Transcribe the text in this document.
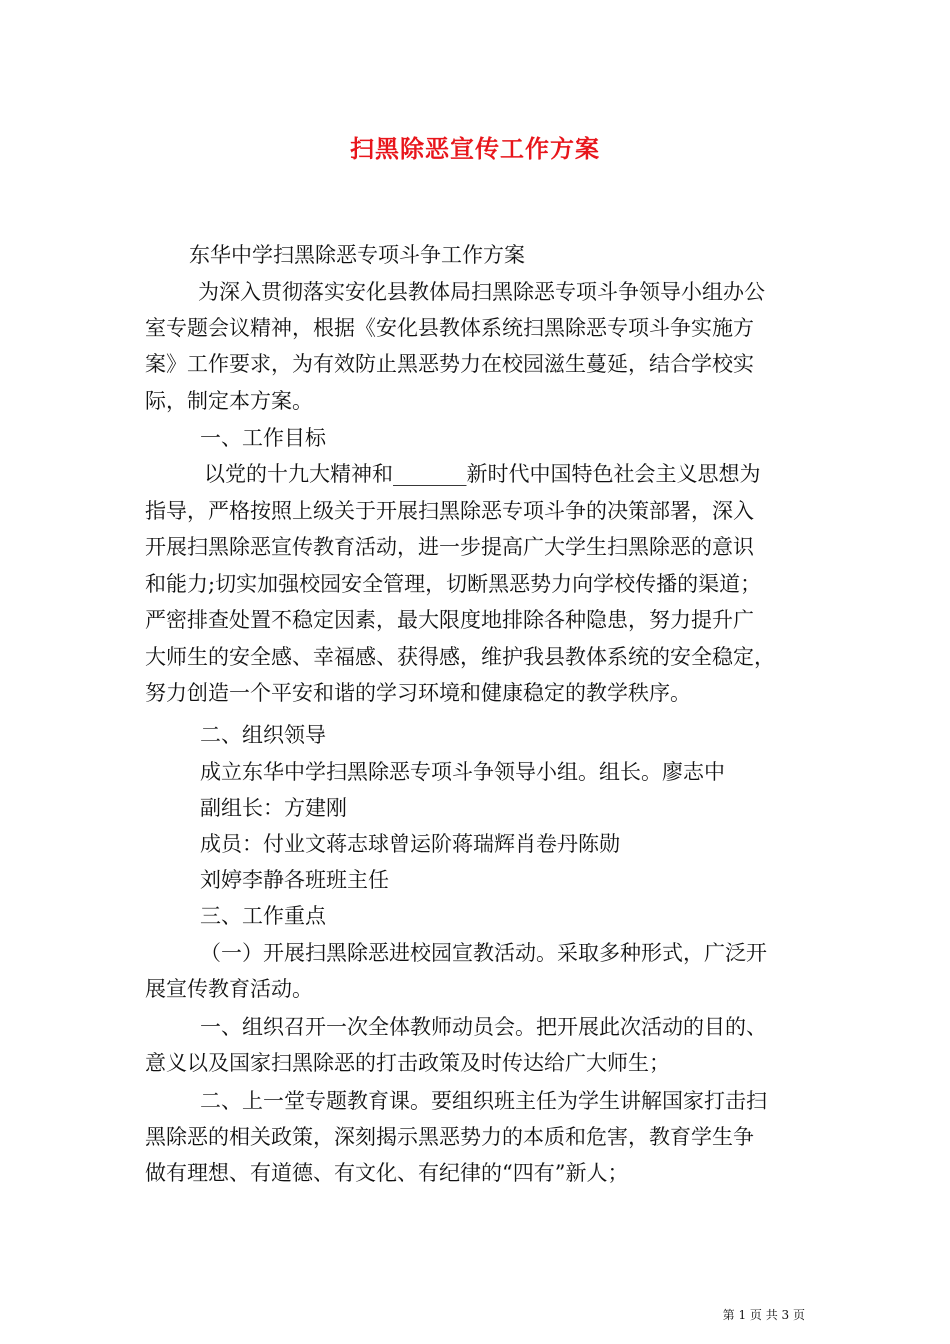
扫黑除恶宣传工作方案
东华中学扫黑除恶专项斗争工作方案
为深入贯彻落实安化县教体局扫黑除恶专项斗争领导小组办公
室专题会议精神，根据《安化县教体系统扫黑除恶专项斗争实施方
案》工作要求，为有效防止黑恶势力在校园滋生蔓延，结合学校实
际，制定本方案。
一、工作目标
以党的十九大精神和_______新时代中国特色社会主义思想为
指导，严格按照上级关于开展扫黑除恶专项斗争的决策部署，深入
开展扫黑除恶宣传教育活动，进一步提高广大学生扫黑除恶的意识
和能力;切实加强校园安全管理，切断黑恶势力向学校传播的渠道；
严密排查处置不稳定因素，最大限度地排除各种隐患，努力提升广
大师生的安全感、幸福感、获得感，维护我县教体系统的安全稳定，
努力创造一个平安和谐的学习环境和健康稳定的教学秩序。
二、组织领导
成立东华中学扫黑除恶专项斗争领导小组。组长。廖志中
副组长：方建刚
成员：付业文蒋志球曾运阶蒋瑞辉肖卷丹陈勋
刘婷李静各班班主任
三、工作重点
（一）开展扫黑除恶进校园宣教活动。采取多种形式，广泛开
展宣传教育活动。
一、组织召开一次全体教师动员会。把开展此次活动的目的、
意义以及国家扫黑除恶的打击政策及时传达给广大师生；
二、上一堂专题教育课。要组织班主任为学生讲解国家打击扫
黑除恶的相关政策，深刻揭示黑恶势力的本质和危害，教育学生争
做有理想、有道德、有文化、有纪律的“四有”新人；
第 1 页 共 3 页
